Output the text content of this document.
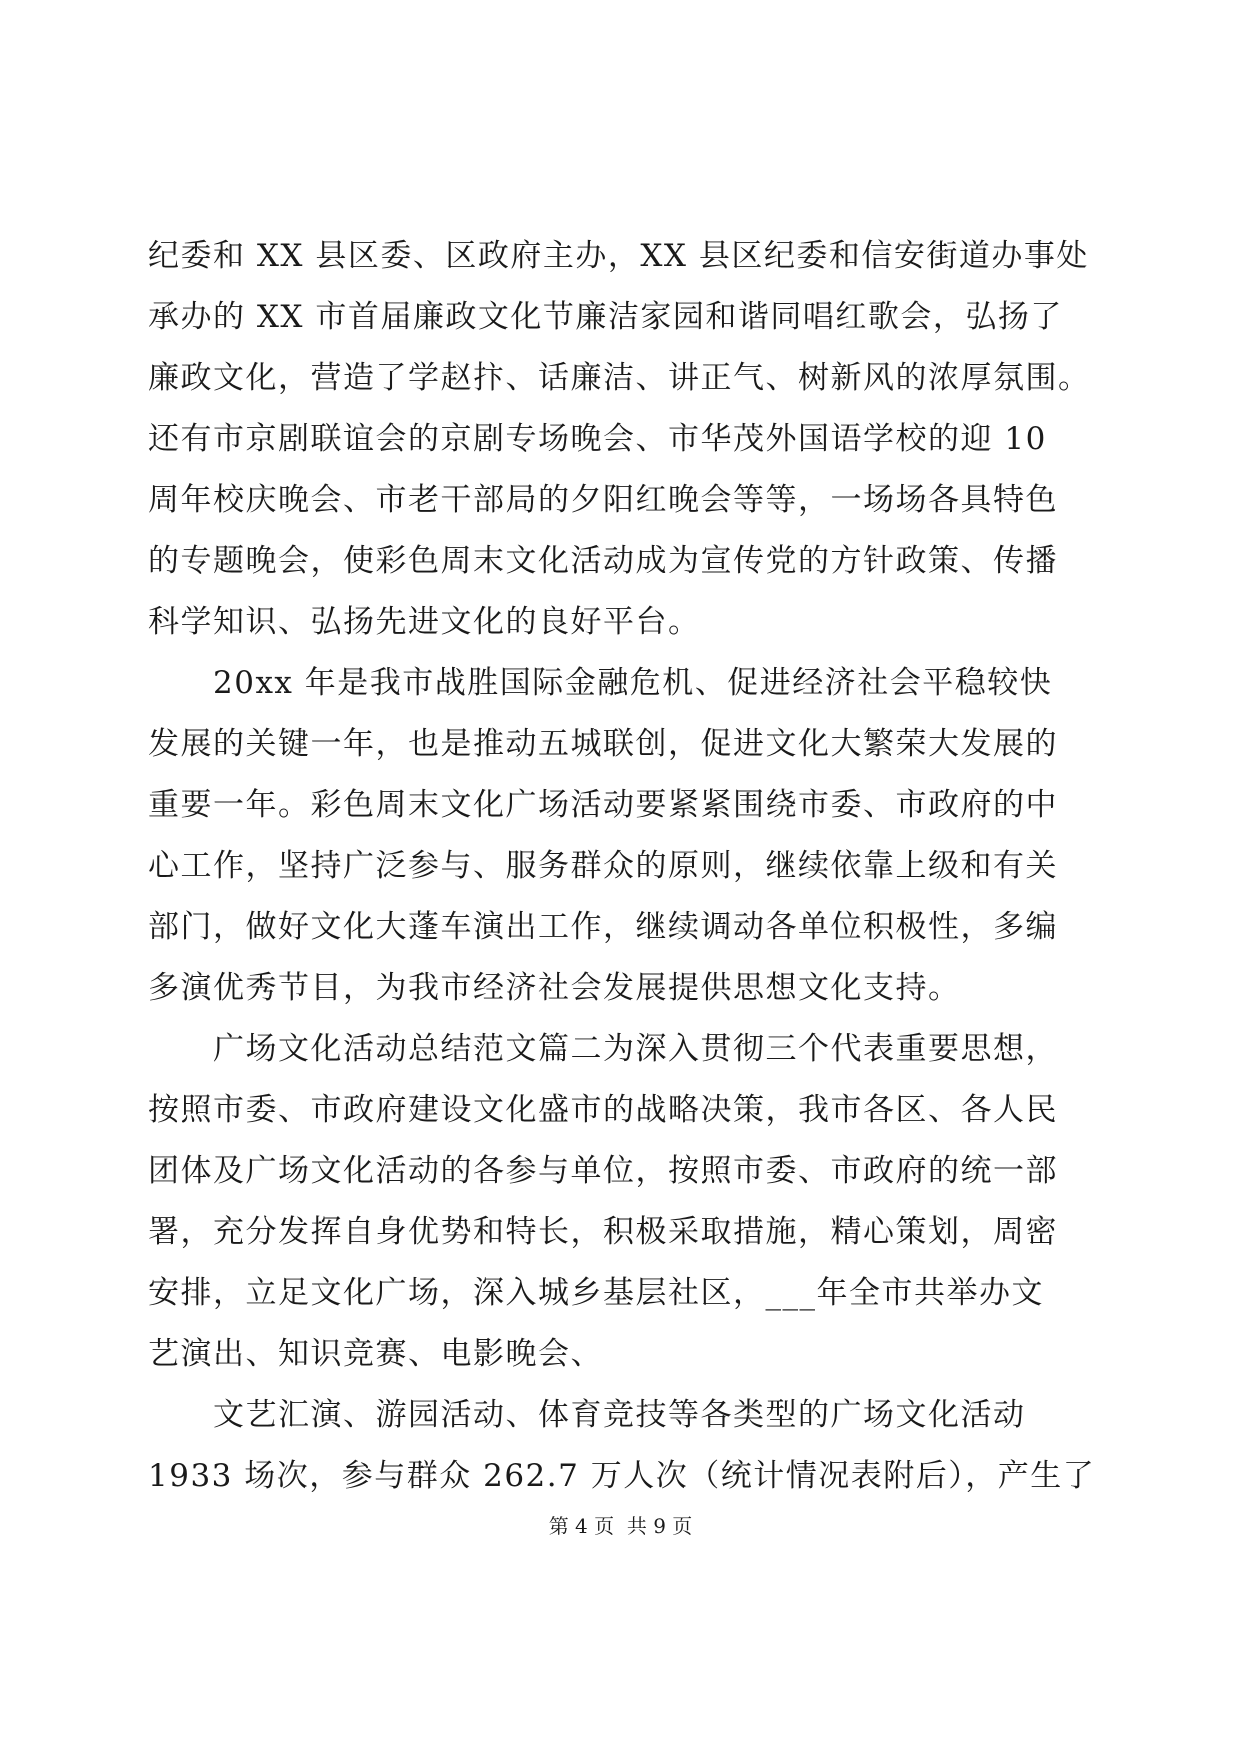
纪委和 XX 县区委、区政府主办，XX 县区纪委和信安街道办事处
承办的 XX 市首届廉政文化节廉洁家园和谐同唱红歌会，弘扬了
廉政文化，营造了学赵抃、话廉洁、讲正气、树新风的浓厚氛围。
还有市京剧联谊会的京剧专场晚会、市华茂外国语学校的迎 10
周年校庆晚会、市老干部局的夕阳红晚会等等，一场场各具特色
的专题晚会，使彩色周末文化活动成为宣传党的方针政策、传播
科学知识、弘扬先进文化的良好平台。
　　20xx 年是我市战胜国际金融危机、促进经济社会平稳较快
发展的关键一年，也是推动五城联创，促进文化大繁荣大发展的
重要一年。彩色周末文化广场活动要紧紧围绕市委、市政府的中
心工作，坚持广泛参与、服务群众的原则，继续依靠上级和有关
部门，做好文化大蓬车演出工作，继续调动各单位积极性，多编
多演优秀节目，为我市经济社会发展提供思想文化支持。
　　广场文化活动总结范文篇二为深入贯彻三个代表重要思想，
按照市委、市政府建设文化盛市的战略决策，我市各区、各人民
团体及广场文化活动的各参与单位，按照市委、市政府的统一部
署，充分发挥自身优势和特长，积极采取措施，精心策划，周密
安排，立足文化广场，深入城乡基层社区，___年全市共举办文
艺演出、知识竞赛、电影晚会、
　　文艺汇演、游园活动、体育竞技等各类型的广场文化活动
1933 场次，参与群众 262.7 万人次（统计情况表附后），产生了
第 4 页  共 9 页
